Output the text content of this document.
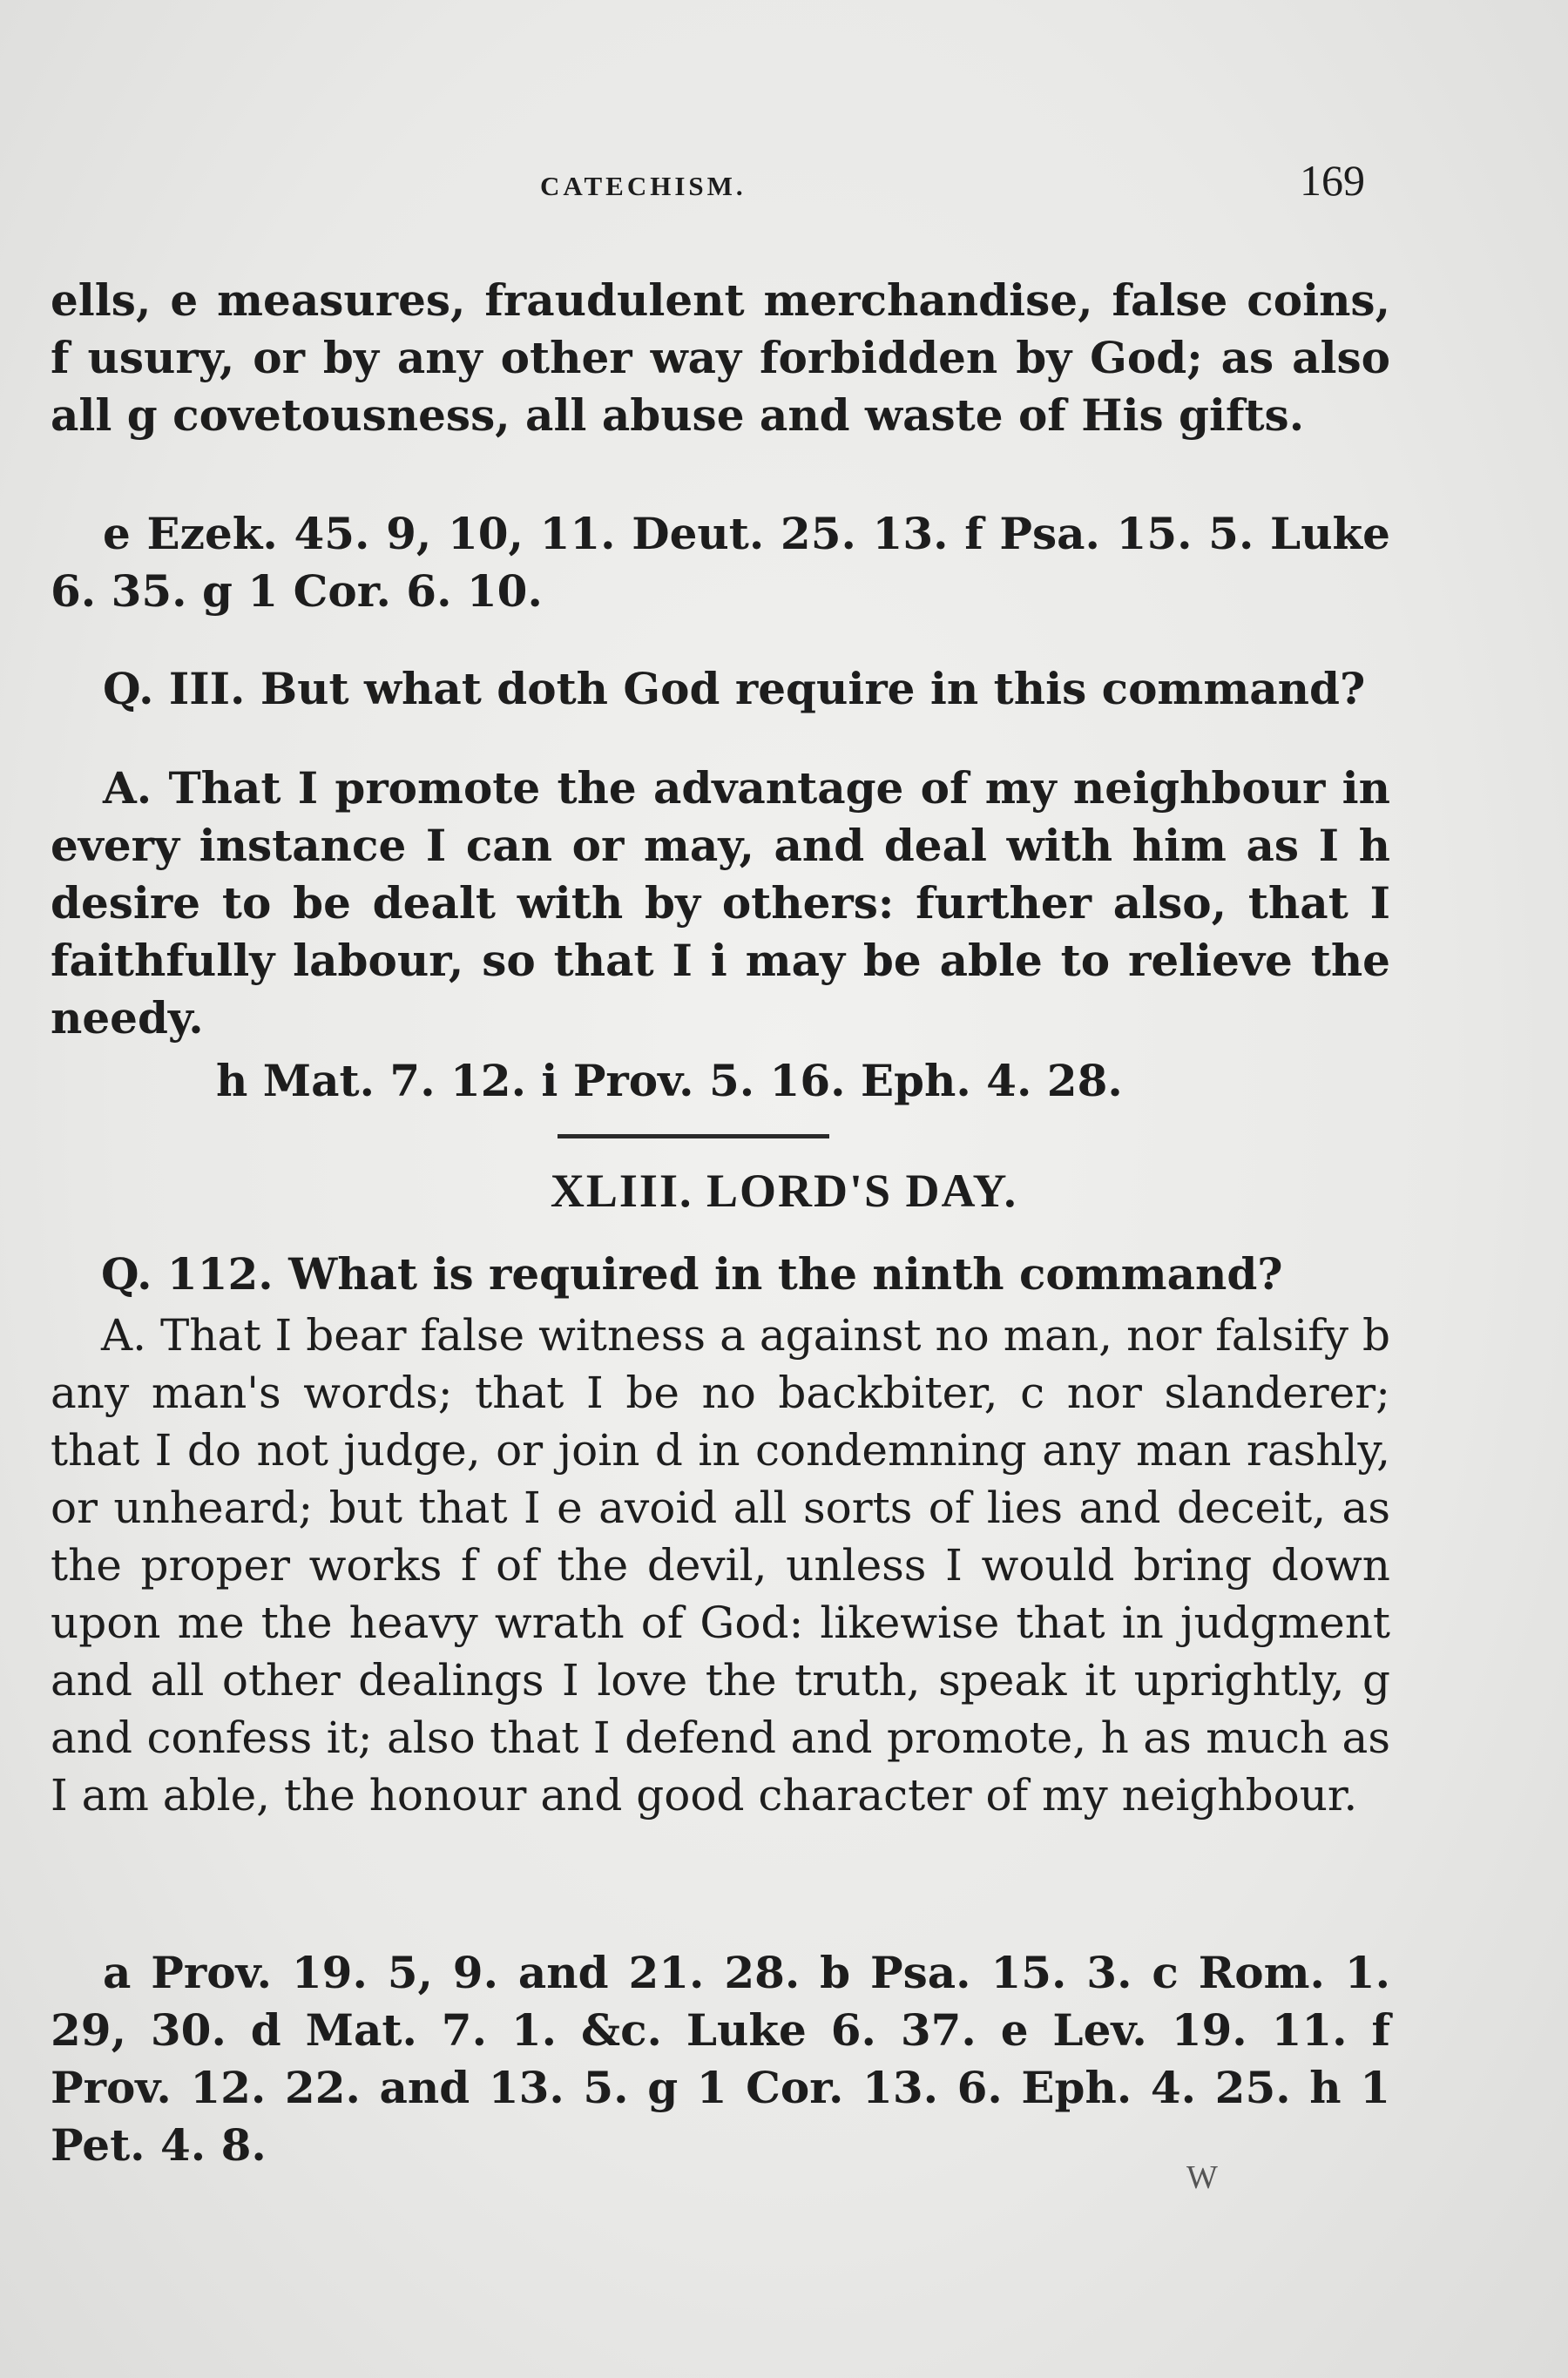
CATECHISM.	169
ells, e measures, fraudulent merchandise, false coins, f usury, or by any other way forbidden by God; as also all g covetousness, all abuse and waste of His gifts.
e Ezek. 45. 9, 10, 11. Deut. 25. 13. f Psa. 15. 5. Luke 6. 35. g 1 Cor. 6. 10.
Q. III. But what doth God require in this command?
A. That I promote the advantage of my neighbour in every instance I can or may, and deal with him as I h desire to be dealt with by others: further also, that I faithfully labour, so that I i may be able to relieve the needy.
h Mat. 7. 12. i Prov. 5. 16. Eph. 4. 28.
XLIII. LORD'S DAY.
Q. 112. What is required in the ninth command?
A. That I bear false witness a against no man, nor falsify b any man's words; that I be no backbiter, c nor slanderer; that I do not judge, or join d in condemning any man rashly, or unheard; but that I e avoid all sorts of lies and deceit, as the proper works f of the devil, unless I would bring down upon me the heavy wrath of God: likewise that in judgment and all other dealings I love the truth, speak it uprightly, g and confess it; also that I defend and promote, h as much as I am able, the honour and good character of my neighbour.
a Prov. 19. 5, 9. and 21. 28. b Psa. 15. 3. c Rom. 1. 29, 30. d Mat. 7. 1. &c. Luke 6. 37. e Lev. 19. 11. f Prov. 12. 22. and 13. 5. g 1 Cor. 13. 6. Eph. 4. 25. h 1 Pet. 4. 8.
W
